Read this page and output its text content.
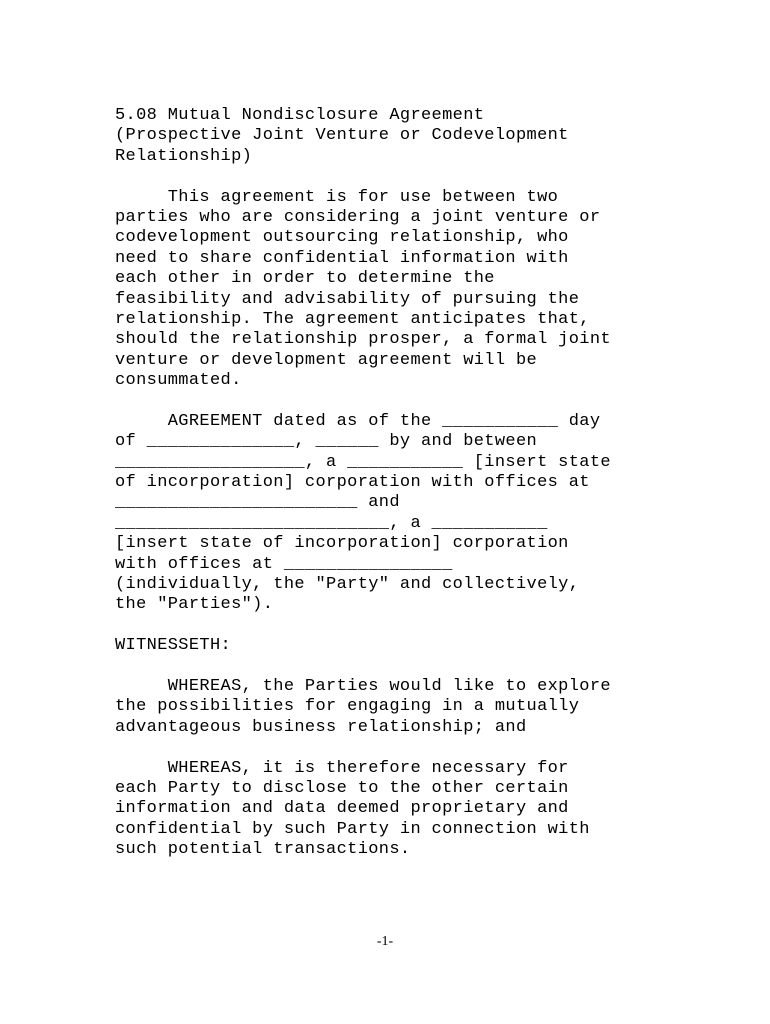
5.08 Mutual Nondisclosure Agreement
(Prospective Joint Venture or Codevelopment
Relationship)
This agreement is for use between two
parties who are considering a joint venture or
codevelopment outsourcing relationship, who
need to share confidential information with
each other in order to determine the
feasibility and advisability of pursuing the
relationship. The agreement anticipates that,
should the relationship prosper, a formal joint
venture or development agreement will be
consummated.
AGREEMENT dated as of the ___________ day
of ______________, ______ by and between
__________________, a ___________ [insert state
of incorporation] corporation with offices at
_______________________ and
__________________________, a ___________
[insert state of incorporation] corporation
with offices at ________________
(individually, the "Party" and collectively,
the "Parties").
WITNESSETH:
WHEREAS, the Parties would like to explore
the possibilities for engaging in a mutually
advantageous business relationship; and
WHEREAS, it is therefore necessary for
each Party to disclose to the other certain
information and data deemed proprietary and
confidential by such Party in connection with
such potential transactions.
-1-
